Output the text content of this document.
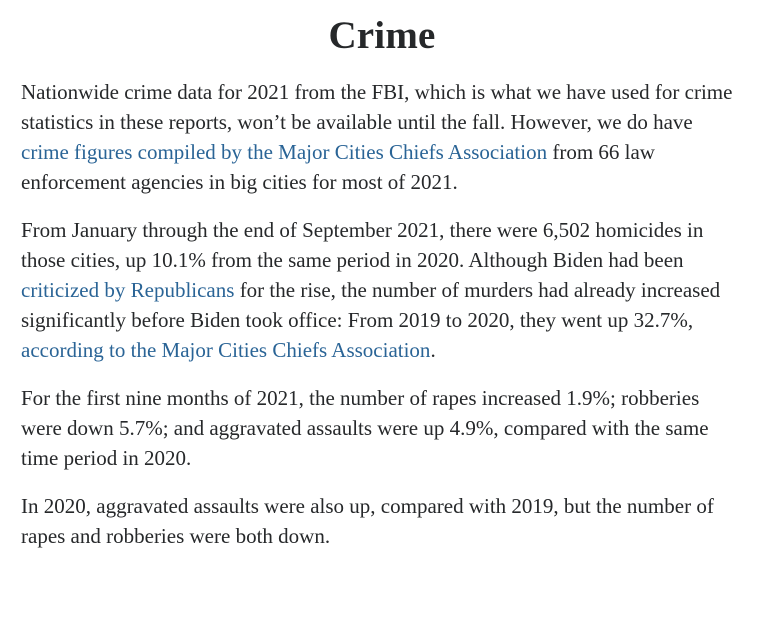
Crime

Nationwide crime data for 2021 from the FBI, which is what we have used for crime statistics in these reports, won’t be available until the fall. However, we do have crime figures compiled by the Major Cities Chiefs Association from 66 law enforcement agencies in big cities for most of 2021.

From January through the end of September 2021, there were 6,502 homicides in those cities, up 10.1% from the same period in 2020. Although Biden had been criticized by Republicans for the rise, the number of murders had already increased significantly before Biden took office: From 2019 to 2020, they went up 32.7%, according to the Major Cities Chiefs Association.

For the first nine months of 2021, the number of rapes increased 1.9%; robberies were down 5.7%; and aggravated assaults were up 4.9%, compared with the same time period in 2020.

In 2020, aggravated assaults were also up, compared with 2019, but the number of rapes and robberies were both down.
